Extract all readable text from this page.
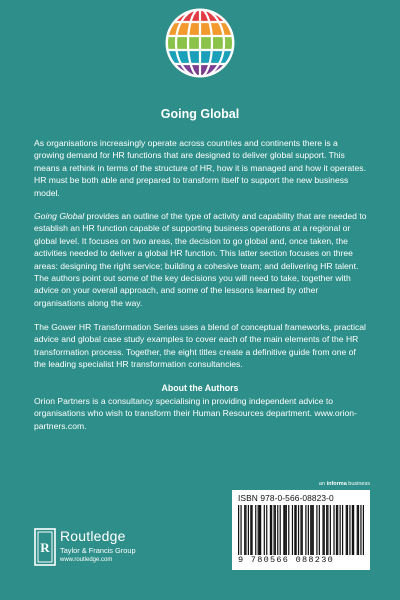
Going Global

As organisations increasingly operate across countries and continents there is a growing demand for HR functions that are designed to deliver global support. This means a rethink in terms of the structure of HR, how it is managed and how it operates. HR must be both able and prepared to transform itself to support the new business model.

Going Global provides an outline of the type of activity and capability that are needed to establish an HR function capable of supporting business operations at a regional or global level. It focuses on two areas, the decision to go global and, once taken, the activities needed to deliver a global HR function. This latter section focuses on three areas: designing the right service; building a cohesive team; and delivering HR talent. The authors point out some of the key decisions you will need to take, together with advice on your overall approach, and some of the lessons learned by other organisations along the way.

The Gower HR Transformation Series uses a blend of conceptual frameworks, practical advice and global case study examples to cover each of the main elements of the HR transformation process. Together, the eight titles create a definitive guide from one of the leading specialist HR transformation consultancies.

About the Authors

Orion Partners is a consultancy specialising in providing independent advice to organisations who wish to transform their Human Resources department. www.orion-partners.com.

an informa business

ISBN 978-0-566-08823-0

9 780566 088230

R

Routledge

Taylor & Francis Group

www.routledge.com
